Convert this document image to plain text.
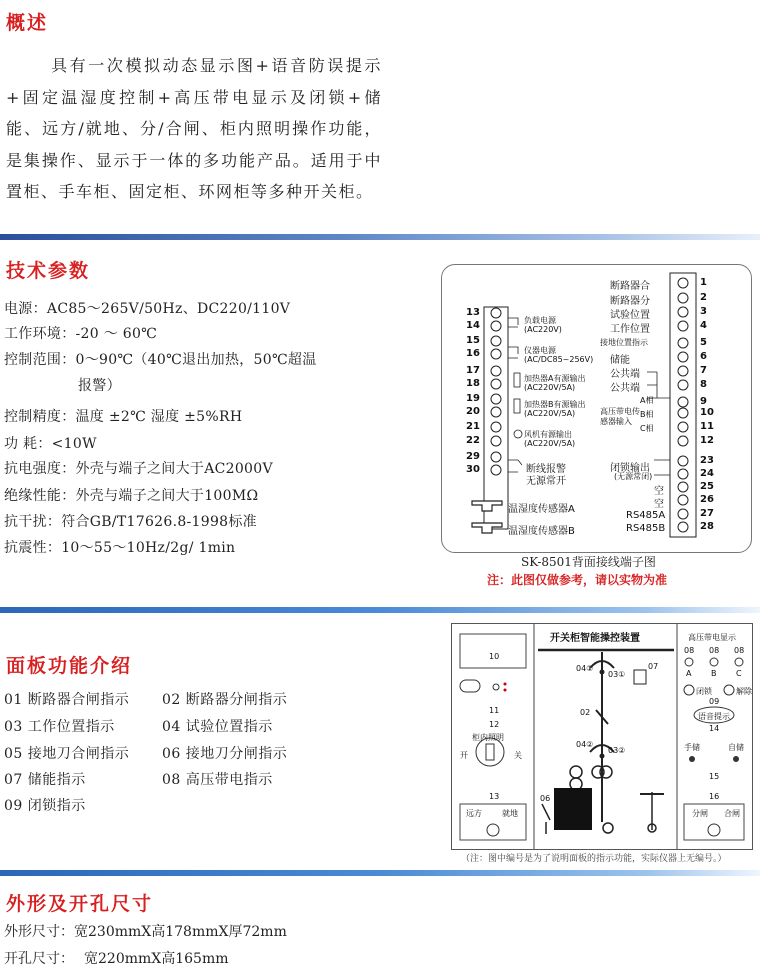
概述
具有一次模拟动态显示图+语音防误提示+固定温湿度控制+高压带电显示及闭锁+储能、远方/就地、分/合闸、柜内照明操作功能，是集操作、显示于一体的多功能产品。适用于中置柜、手车柜、固定柜、环网柜等多种开关柜。
技术参数
电源：AC85～265V/50Hz、DC220/110V
工作环境：-20 ～ 60℃
控制范围：0～90℃（40℃退出加热，50℃超温
报警）
控制精度：温度 ±2℃ 湿度 ±5%RH
功 耗：<10W
抗电强度：外壳与端子之间大于AC2000V
绝缘性能：外壳与端子之间大于100MΩ
抗干扰：符合GB/T17626.8-1998标准
抗震性：10～55～10Hz/2g/ 1min
13
14
15
16
17
18
19
20
21
22
29
30
1
2
3
4
5
6
7
8
9
10
11
12
23
24
25
26
27
28
负载电源
(AC220V)
仪器电源
(AC/DC85~256V)
加热器A有源输出
(AC220V/5A)
加热器B有源输出
(AC220V/5A)
风机有源输出
(AC220V/5A)
断线报警
无源常开
温湿度传感器A
温湿度传感器B
断路器合
断路器分
试验位置
工作位置
接地位置指示
储能
公共端
公共端
A相
B相
C相
高压带电传感器输入
闭锁输出
(无源常闭)
空
空
RS485A
RS485B
SK-8501背面接线端子图
注：此图仅做参考，请以实物为准
面板功能介绍
01 断路器合闸指示 02 断路器分闸指示
03 工作位置指示	04 试验位置指示
05 接地刀合闸指示 06 接地刀分闸指示
07 储能指示	08 高压带电指示
09 闭锁指示
开关柜智能操控装置	高压带电显示
08 08 08
A B C
闭锁	解除
09
语音提示
14
手储	自储
15
16
分闸 合闸
10
11
12
柜内照明
开	关
13
远方	就地
07
04①
03①
02
04②
03②
06
（注：图中编号是为了说明面板的指示功能，实际仪器上无编号。）
外形及开孔尺寸
外形尺寸：宽230mmX高178mmX厚72mm
开孔尺寸： 宽220mmX高165mm
